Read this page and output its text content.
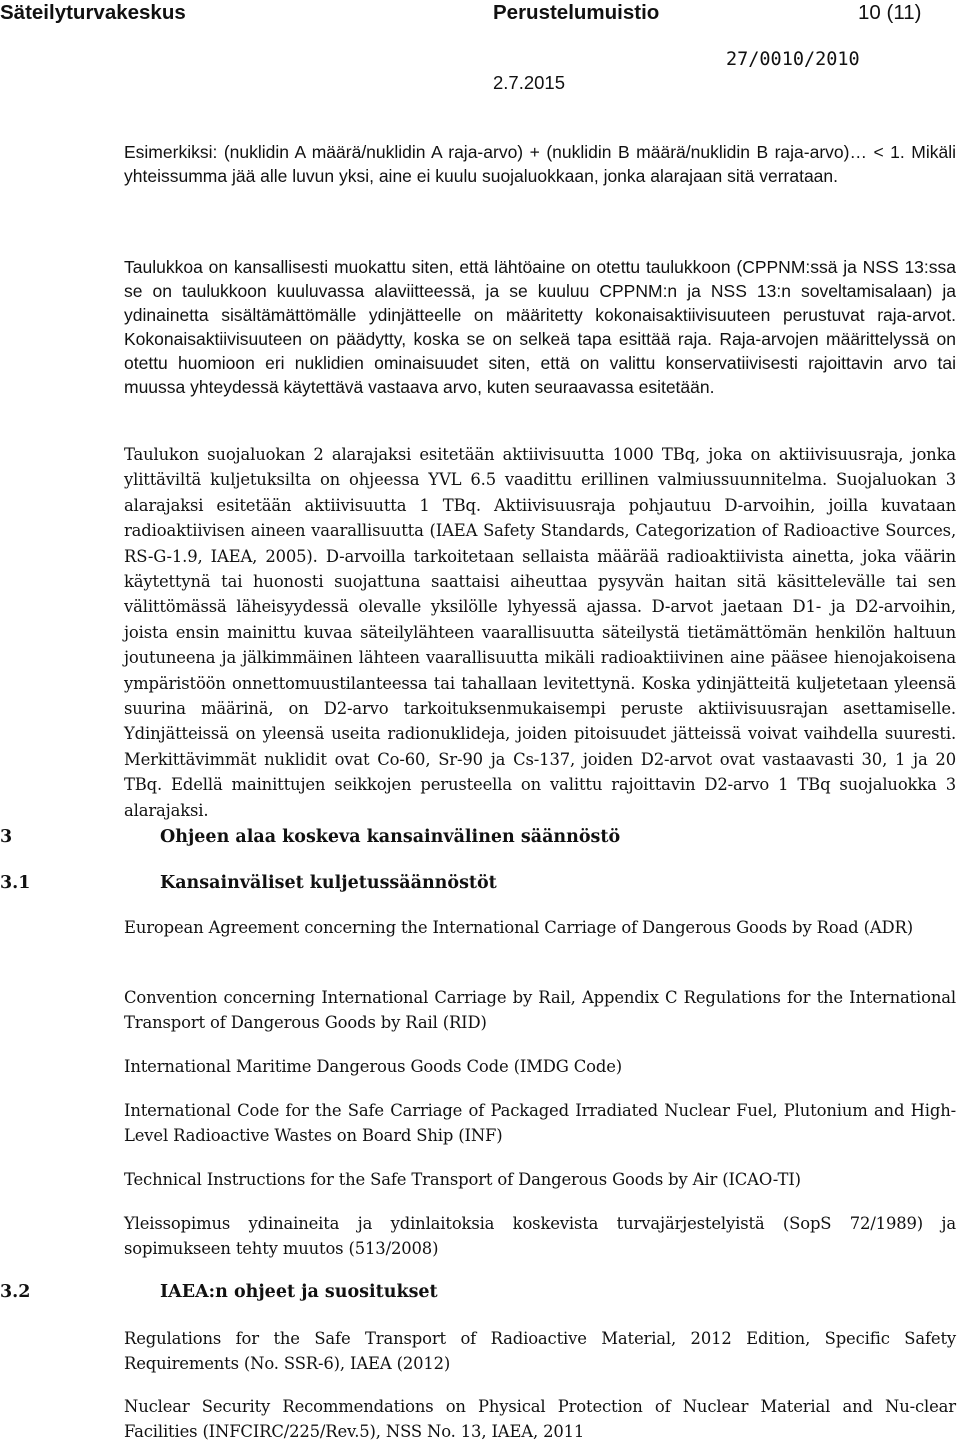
Säteilyturvakeskus	Perustelumuistio	10 (11)
27/0010/2010
2.7.2015

Esimerkiksi: (nuklidin A määrä/nuklidin A raja-arvo) + (nuklidin B määrä/nuklidin B raja-arvo)… < 1. Mikäli yhteissumma jää alle luvun yksi, aine ei kuulu suojaluokkaan, jonka alarajaan sitä verrataan.

Taulukkoa on kansallisesti muokattu siten, että lähtöaine on otettu taulukkoon (CPPNM:ssä ja NSS 13:ssa se on taulukkoon kuuluvassa alaviitteessä, ja se kuuluu CPPNM:n ja NSS 13:n soveltamisalaan) ja ydinainetta sisältämättömälle ydinjätteelle on määritetty kokonaisaktiivisuuteen perustuvat raja-arvot. Kokonaisaktiivisuuteen on päädytty, koska se on selkeä tapa esittää raja. Raja-arvojen määrittelyssä on otettu huomioon eri nuklidien ominaisuudet siten, että on valittu konservatiivisesti rajoittavin arvo tai muussa yhteydessä käytettävä vastaava arvo, kuten seuraavassa esitetään.

Taulukon suojaluokan 2 alarajaksi esitetään aktiivisuutta 1000 TBq, joka on aktiivisuusraja, jonka ylittäviltä kuljetuksilta on ohjeessa YVL 6.5 vaadittu erillinen valmiussuunnitelma. Suojaluokan 3 alarajaksi esitetään aktiivisuutta 1 TBq. Aktiivisuusraja pohjautuu D-arvoihin, joilla kuvataan radioaktiivisen aineen vaarallisuutta (IAEA Safety Standards, Categorization of Radioactive Sources, RS-G-1.9, IAEA, 2005). D-arvoilla tarkoitetaan sellaista määrää radioaktiivista ainetta, joka väärin käytettynä tai huonosti suojattuna saattaisi aiheuttaa pysyvän haitan sitä käsittelevälle tai sen välittömässä läheisyydessä olevalle yksilölle lyhyessä ajassa. D-arvot jaetaan D1- ja D2-arvoihin, joista ensin mainittu kuvaa säteilylähteen vaarallisuutta säteilystä tietämättömän henkilön haltuun joutuneena ja jälkimmäinen lähteen vaarallisuutta mikäli radioaktiivinen aine pääsee hienojakoisena ympäristöön onnettomuustilanteessa tai tahallaan levitettynä. Koska ydinjätteitä kuljetetaan yleensä suurina määrinä, on D2-arvo tarkoituksenmukaisempi peruste aktiivisuusrajan asettamiselle. Ydinjätteissä on yleensä useita radionuklideja, joiden pitoisuudet jätteissä voivat vaihdella suuresti. Merkittävimmät nuklidit ovat Co-60, Sr-90 ja Cs-137, joiden D2-arvot ovat vastaavasti 30, 1 ja 20 TBq. Edellä mainittujen seikkojen perusteella on valittu rajoittavin D2-arvo 1 TBq suojaluokka 3 alarajaksi.

3	Ohjeen alaa koskeva kansainvälinen säännöstö
3.1	Kansainväliset kuljetussäännöstöt

European Agreement concerning the International Carriage of Dangerous Goods by Road (ADR)

Convention concerning International Carriage by Rail, Appendix C Regulations for the International Transport of Dangerous Goods by Rail (RID)

International Maritime Dangerous Goods Code (IMDG Code)

International Code for the Safe Carriage of Packaged Irradiated Nuclear Fuel, Plutonium and High-Level Radioactive Wastes on Board Ship (INF)

Technical Instructions for the Safe Transport of Dangerous Goods by Air (ICAO-TI)

Yleissopimus ydinaineita ja ydinlaitoksia koskevista turvajärjestelyistä (SopS 72/1989) ja sopimukseen tehty muutos (513/2008)

3.2	IAEA:n ohjeet ja suositukset

Regulations for the Safe Transport of Radioactive Material, 2012 Edition, Specific Safety Requirements (No. SSR-6), IAEA (2012)

Nuclear Security Recommendations on Physical Protection of Nuclear Material and Nu-clear Facilities (INFCIRC/225/Rev.5), NSS No. 13, IAEA, 2011
